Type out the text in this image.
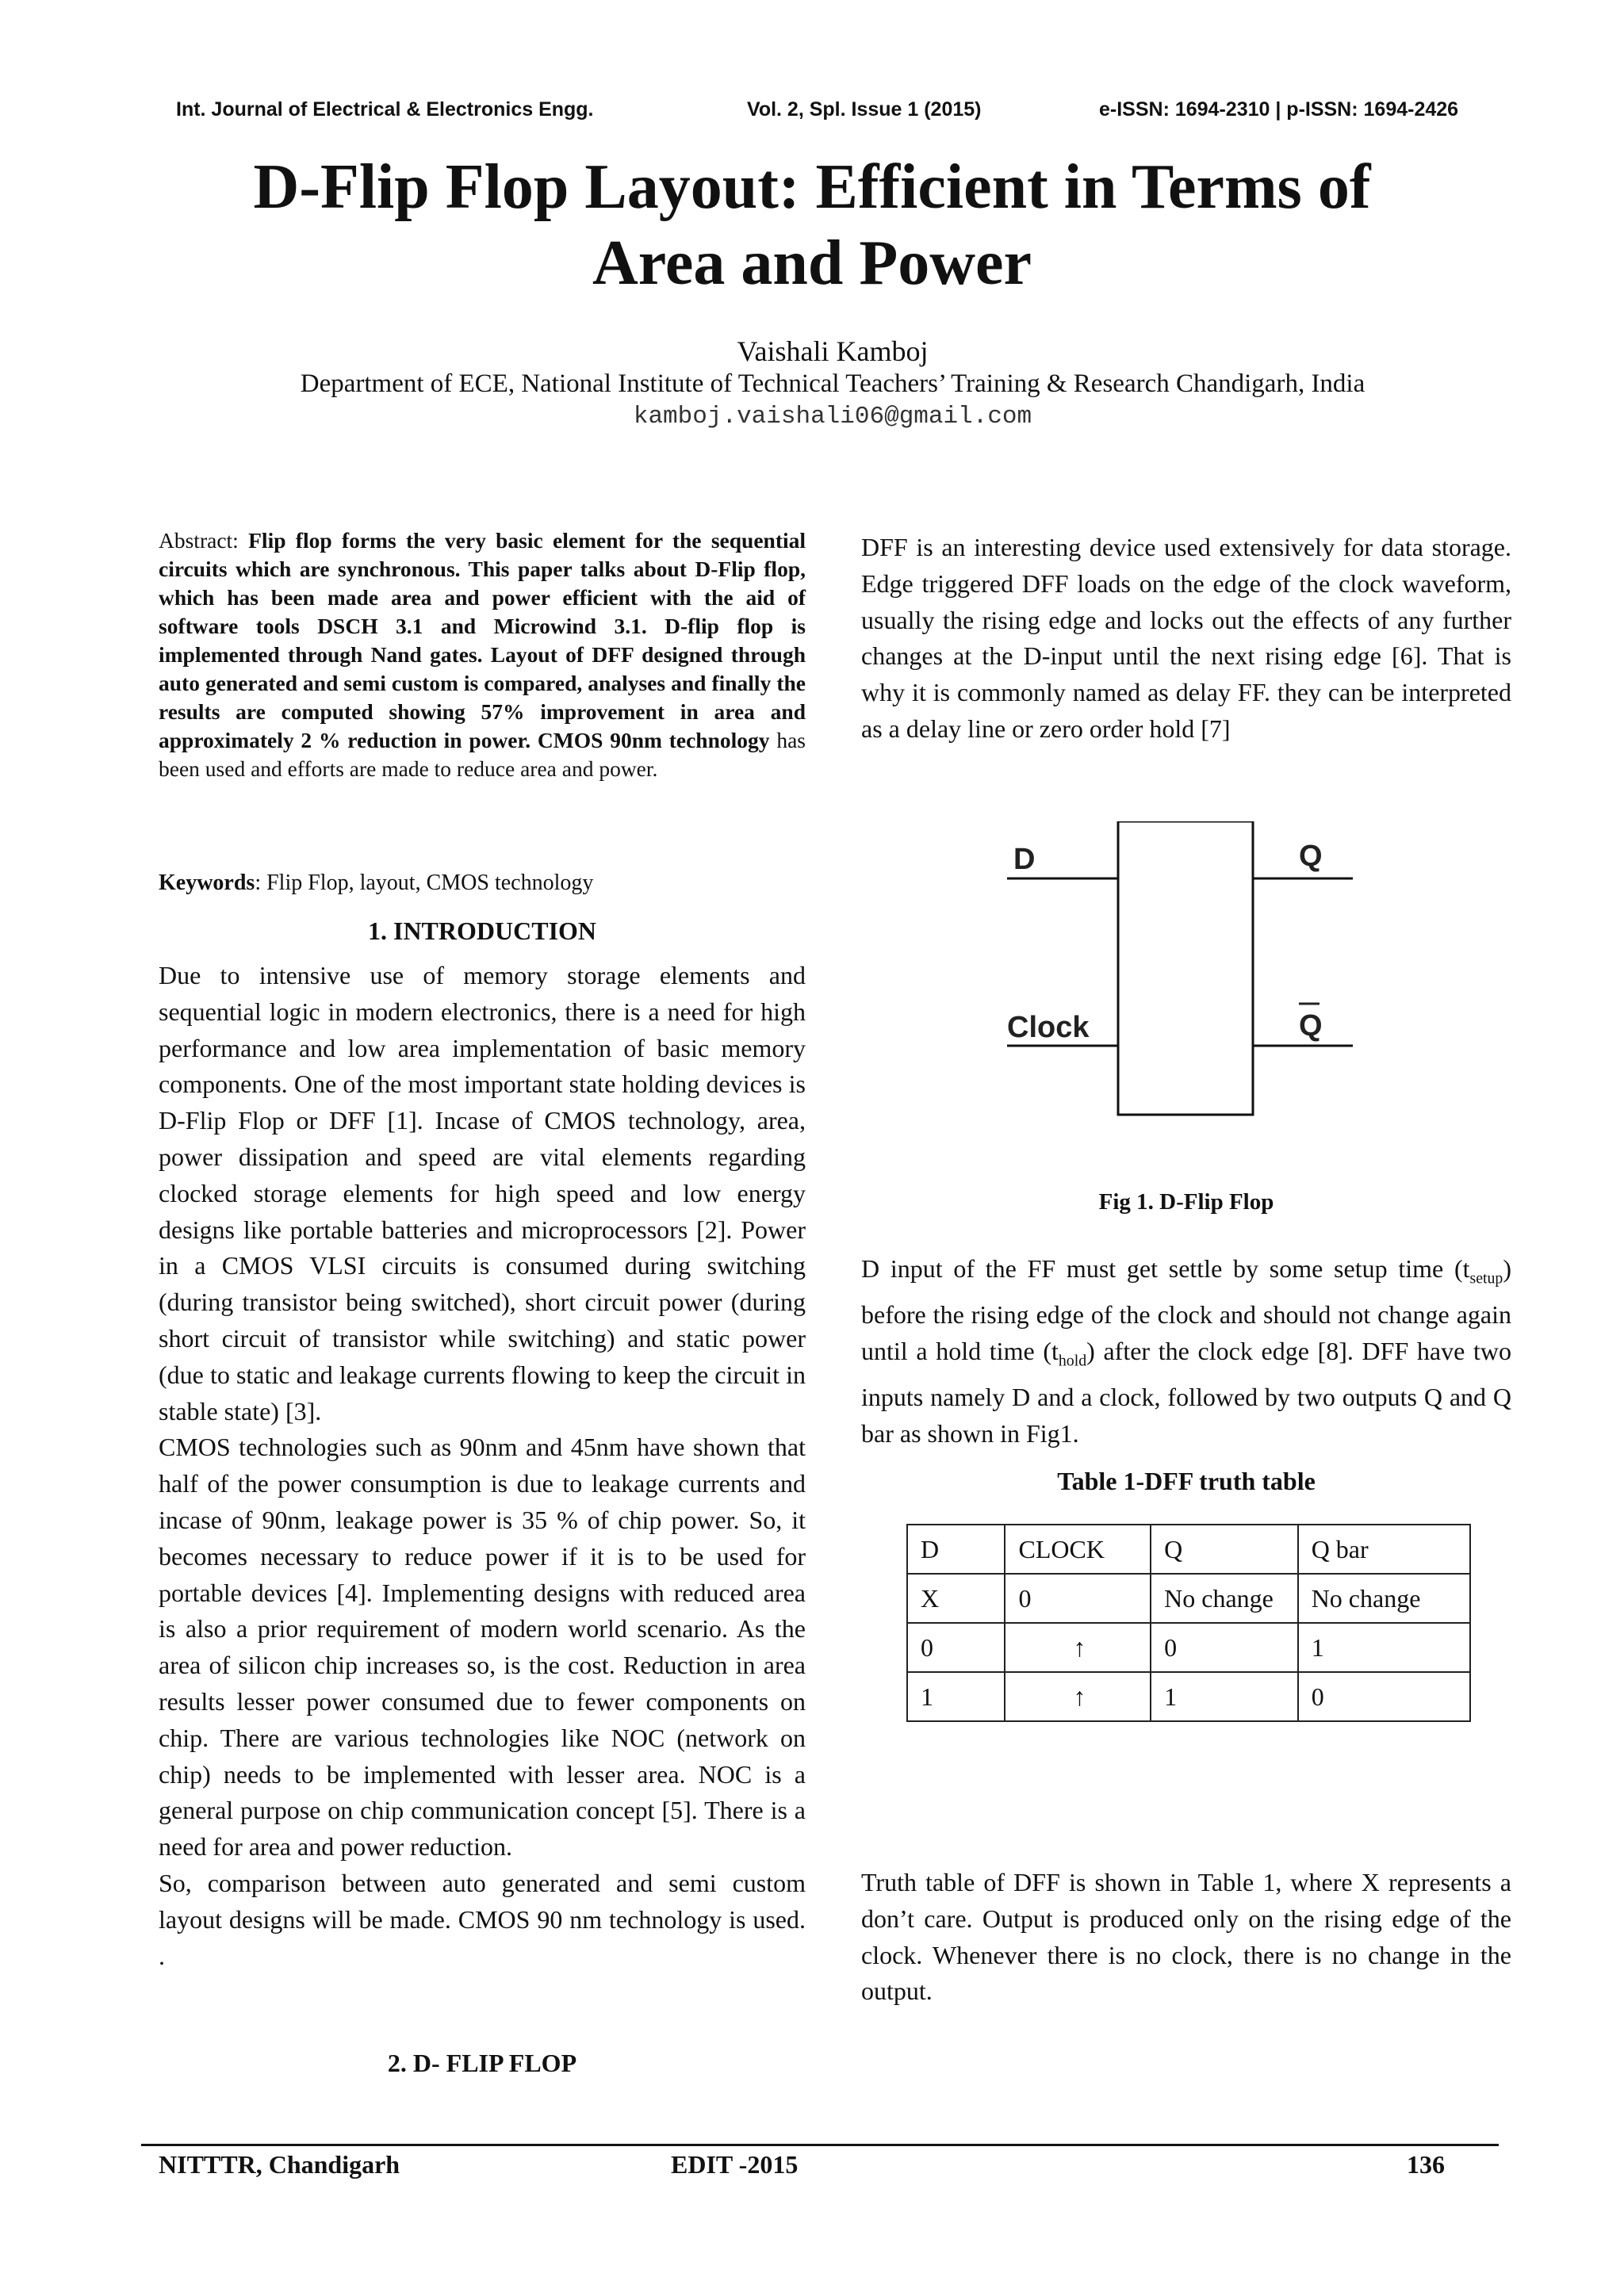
Int. Journal of Electrical & Electronics Engg.	Vol. 2, Spl. Issue 1 (2015)	e-ISSN: 1694-2310 | p-ISSN: 1694-2426
D-Flip Flop Layout: Efficient in Terms of
Area and Power
Vaishali Kamboj
Department of ECE, National Institute of Technical Teachers’ Training & Research Chandigarh, India
kamboj.vaishali06@gmail.com
Abstract: Flip flop forms the very basic element for the sequential circuits which are synchronous. This paper talks about D-Flip flop, which has been made area and power efficient with the aid of software tools DSCH 3.1 and Microwind 3.1. D-flip flop is implemented through Nand gates. Layout of DFF designed through auto generated and semi custom is compared, analyses and finally the results are computed showing 57% improvement in area and approximately 2 % reduction in power. CMOS 90nm technology has been used and efforts are made to reduce area and power.
Keywords: Flip Flop, layout, CMOS technology
1. INTRODUCTION

Due to intensive use of memory storage elements and sequential logic in modern electronics, there is a need for high performance and low area implementation of basic memory components. One of the most important state holding devices is D-Flip Flop or DFF [1]. Incase of CMOS technology, area, power dissipation and speed are vital elements regarding clocked storage elements for high speed and low energy designs like portable batteries and microprocessors [2]. Power in a CMOS VLSI circuits is consumed during switching (during transistor being switched), short circuit power (during short circuit of transistor while switching) and static power (due to static and leakage currents flowing to keep the circuit in stable state) [3].

CMOS technologies such as 90nm and 45nm have shown that half of the power consumption is due to leakage currents and incase of 90nm, leakage power is 35 % of chip power. So, it becomes necessary to reduce power if it is to be used for portable devices [4]. Implementing designs with reduced area is also a prior requirement of modern world scenario. As the area of silicon chip increases so, is the cost. Reduction in area results lesser power consumed due to fewer components on chip. There are various technologies like NOC (network on chip) needs to be implemented with lesser area. NOC is a general purpose on chip communication concept [5]. There is a need for area and power reduction.

So, comparison between auto generated and semi custom layout designs will be made. CMOS 90 nm technology is used. .

2. D- FLIP FLOP
DFF is an interesting device used extensively for data storage. Edge triggered DFF loads on the edge of the clock waveform, usually the rising edge and locks out the effects of any further changes at the D-input until the next rising edge [6]. That is why it is commonly named as delay FF. they can be interpreted as a delay line or zero order hold [7]
D
Clock
Q
Q
Fig 1. D-Flip Flop
D input of the FF must get settle by some setup time $(t_{setup})$ before the rising edge of the clock and should not change again until a hold time $(t_{hold})$ after the clock edge [8]. DFF have two inputs namely D and a clock, followed by two outputs Q and Q bar as shown in Fig1.
Table 1-DFF truth table
D	CLOCK	Q	Q bar
X	0	No change	No change
0	↑	0	1
1	↑	1	0
Truth table of DFF is shown in Table 1, where X represents a don’t care. Output is produced only on the rising edge of the clock. Whenever there is no clock, there is no change in the output.
NITTTR, Chandigarh	EDIT -2015	136
